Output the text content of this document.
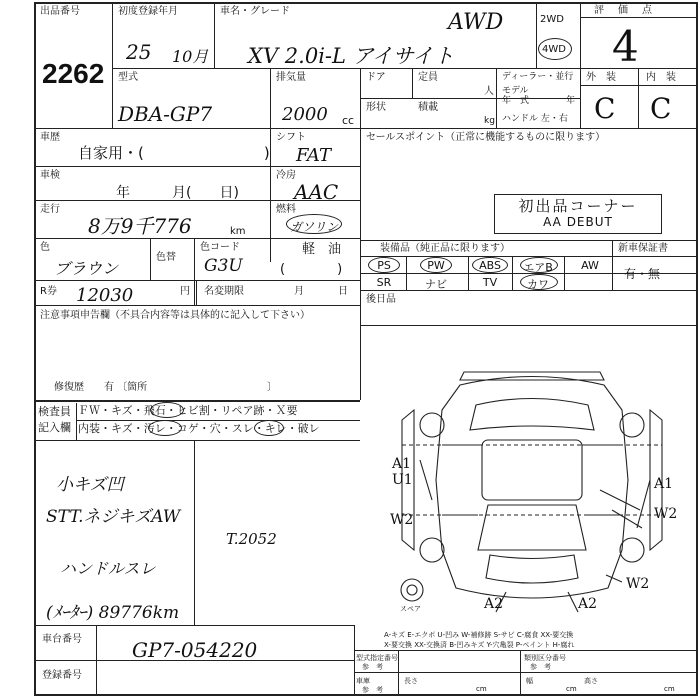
出品番号
2262
初度登録年月
25 10月
車名・グレード	AWD
XV 2.0i-L アイサイト
2WD
4WD
評　価　点
4
型式
DBA-GP7
排気量
2000 cc
ドア	定員
人
形状	積載
kg
ディーラー・並行
モデル
年　式	年
ハンドル 左・右
外　装	内　装
C C
車歴
自家用・(　　　　　　　　)
シフト
FAT
車検
年　　　月(　　日)
冷房
AAC
走行
8万9千776	km
燃料
ガソリン
軽　油
(　　　　)
色
ブラウン
色替
色コード
G3U
R券 12030	円 名変期限	月	日
注意事項申告欄（不具合内容等は具体的に記入して下さい）
修復歴　　有 〔箇所　　　　　　　　　　　　〕
セールスポイント（正常に機能するものに限ります）
初出品コーナー
AA DEBUT
装備品（純正品に限ります）	新車保証書
有・無
PS	PW	ABS	エアB	AW
SR	ナビ	TV	カワ
後日品
検査員
記入欄
ＦＷ・キズ・飛石・ヒビ割・リペア跡・Ｘ要
内装・キズ・汚レ・コゲ・穴・スレ・キレ・破レ
小キズ凹
STT.ネジキズAW
ハンドルスレ
T.2052
(ﾒｰﾀｰ) 89776km
A1
U1
W2
A1
W2
W2
A2	A2
スペア
A-キズ E-エクボ U-凹み W-補修跡 S-サビ C-腐食 XX-要交換
X-要交換 XX-交換済 B-凹みキズ Y-穴亀裂 P-ペイント H-腐れ
車台番号	GP7-054220
登録番号
型式指定番号
参　考
類別区分番号
参　考
車庫
参　考
長さ
cm
幅
cm
高さ
cm
